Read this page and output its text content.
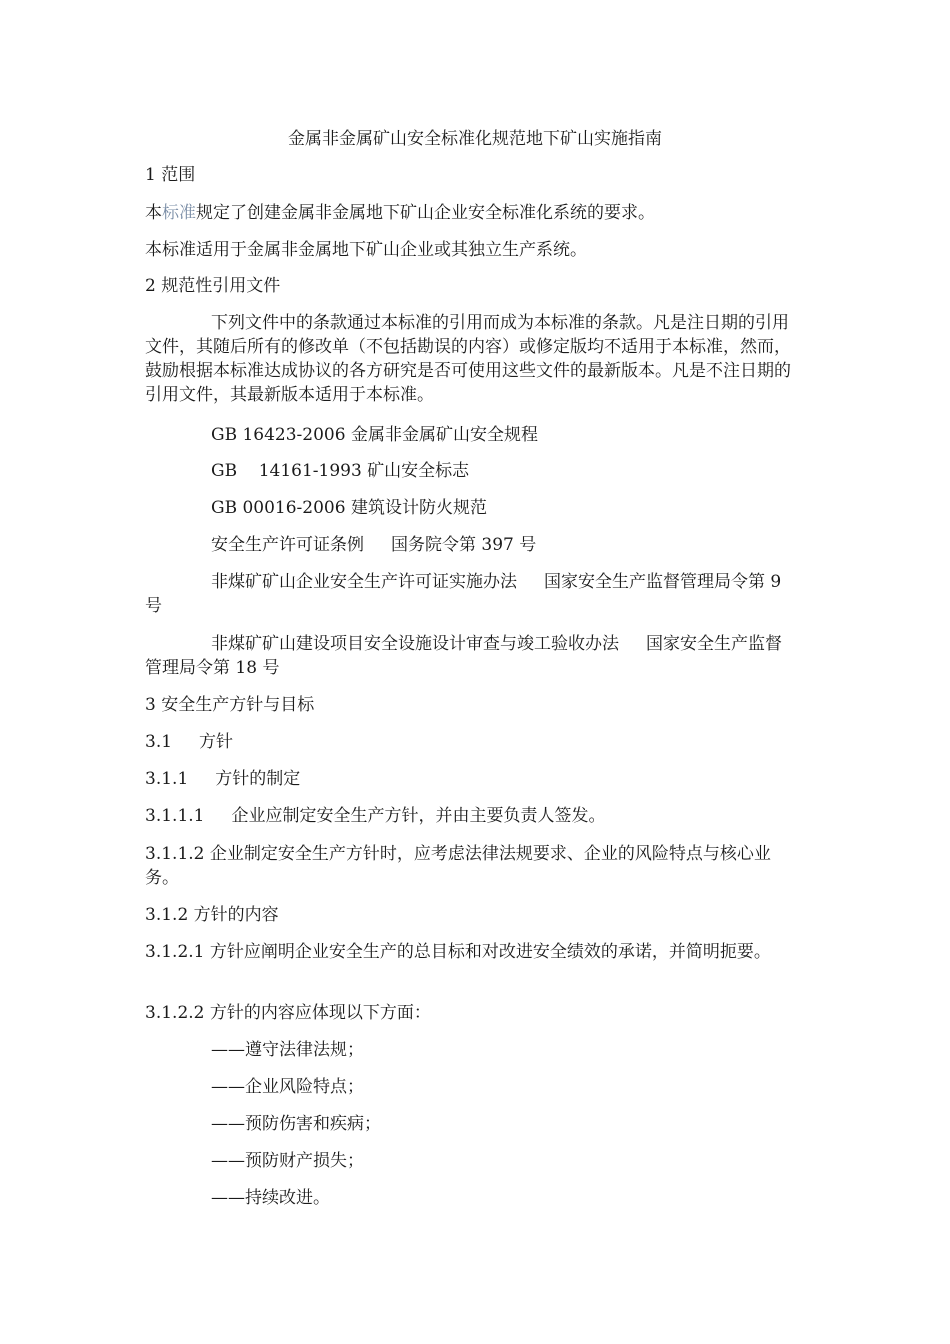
金属非金属矿山安全标准化规范地下矿山实施指南
1 范围
本标准规定了创建金属非金属地下矿山企业安全标准化系统的要求。
本标准适用于金属非金属地下矿山企业或其独立生产系统。
2 规范性引用文件
下列文件中的条款通过本标准的引用而成为本标准的条款。凡是注日期的引用文件，其随后所有的修改单（不包括勘误的内容）或修定版均不适用于本标准，然而，鼓励根据本标准达成协议的各方研究是否可使用这些文件的最新版本。凡是不注日期的引用文件，其最新版本适用于本标准。
GB 16423-2006 金属非金属矿山安全规程
GB    14161-1993 矿山安全标志
GB 00016-2006 建筑设计防火规范
安全生产许可证条例     国务院令第 397 号
非煤矿矿山企业安全生产许可证实施办法     国家安全生产监督管理局令第 9 号
非煤矿矿山建设项目安全设施设计审查与竣工验收办法     国家安全生产监督管理局令第 18 号
3 安全生产方针与目标
3.1     方针
3.1.1     方针的制定
3.1.1.1     企业应制定安全生产方针，并由主要负责人签发。
3.1.1.2 企业制定安全生产方针时，应考虑法律法规要求、企业的风险特点与核心业务。
3.1.2 方针的内容
3.1.2.1 方针应阐明企业安全生产的总目标和对改进安全绩效的承诺，并简明扼要。
3.1.2.2 方针的内容应体现以下方面：
——遵守法律法规；
——企业风险特点；
——预防伤害和疾病；
——预防财产损失；
——持续改进。
